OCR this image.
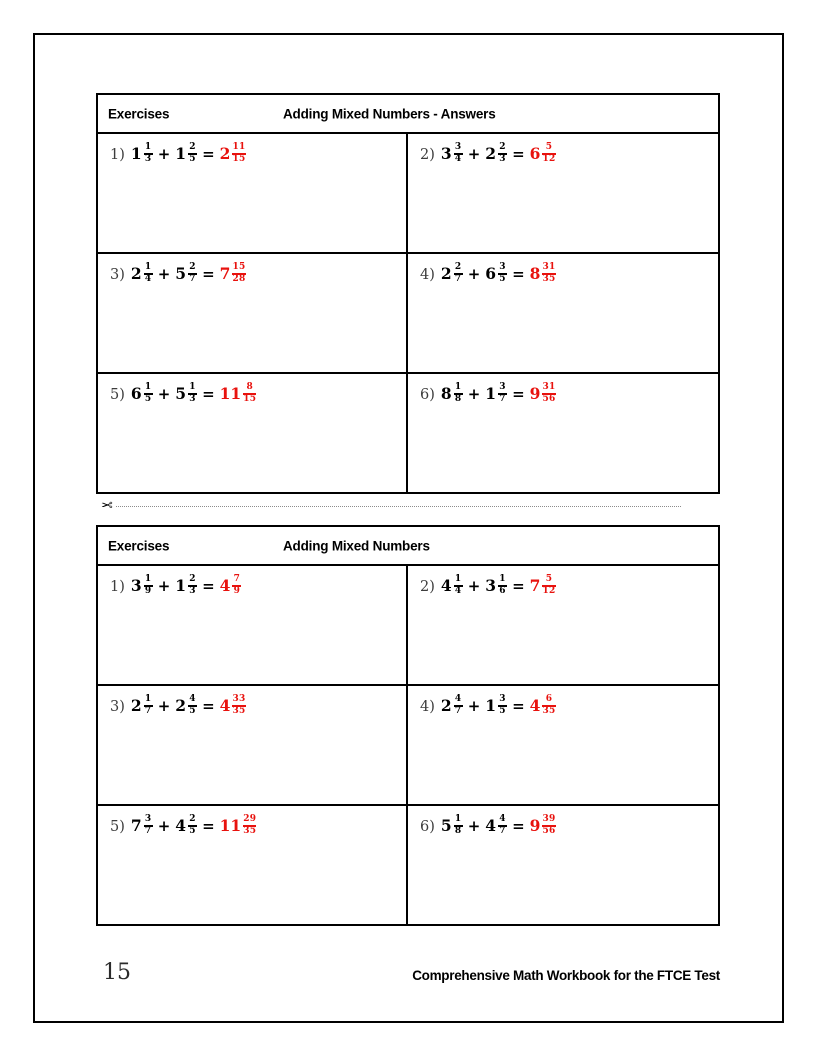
Exercises	Adding Mixed Numbers - Answers
1) $1 \frac{1}{3} + 1 \frac{2}{5} = 2 \frac{11}{15}$	2) $3 \frac{3}{4} + 2 \frac{2}{3} = 6 \frac{5}{12}$
3) $2 \frac{1}{4} + 5 \frac{2}{7} = 7 \frac{15}{28}$	4) $2 \frac{2}{7} + 6 \frac{3}{5} = 8 \frac{31}{35}$
5) $6 \frac{1}{5} + 5 \frac{1}{3} = 11 \frac{8}{15}$	6) $8 \frac{1}{8} + 1 \frac{3}{7} = 9 \frac{31}{56}$
✂
Exercises	Adding Mixed Numbers
1) $3 \frac{1}{9} + 1 \frac{2}{3} = 4 \frac{7}{9}$	2) $4 \frac{1}{4} + 3 \frac{1}{6} = 7 \frac{5}{12}$
3) $2 \frac{1}{7} + 2 \frac{4}{5} = 4 \frac{33}{35}$	4) $2 \frac{4}{7} + 1 \frac{3}{5} = 4 \frac{6}{35}$
5) $7 \frac{3}{7} + 4 \frac{2}{5} = 11 \frac{29}{35}$	6) $5 \frac{1}{8} + 4 \frac{4}{7} = 9 \frac{39}{56}$
15	Comprehensive Math Workbook for the FTCE Test
